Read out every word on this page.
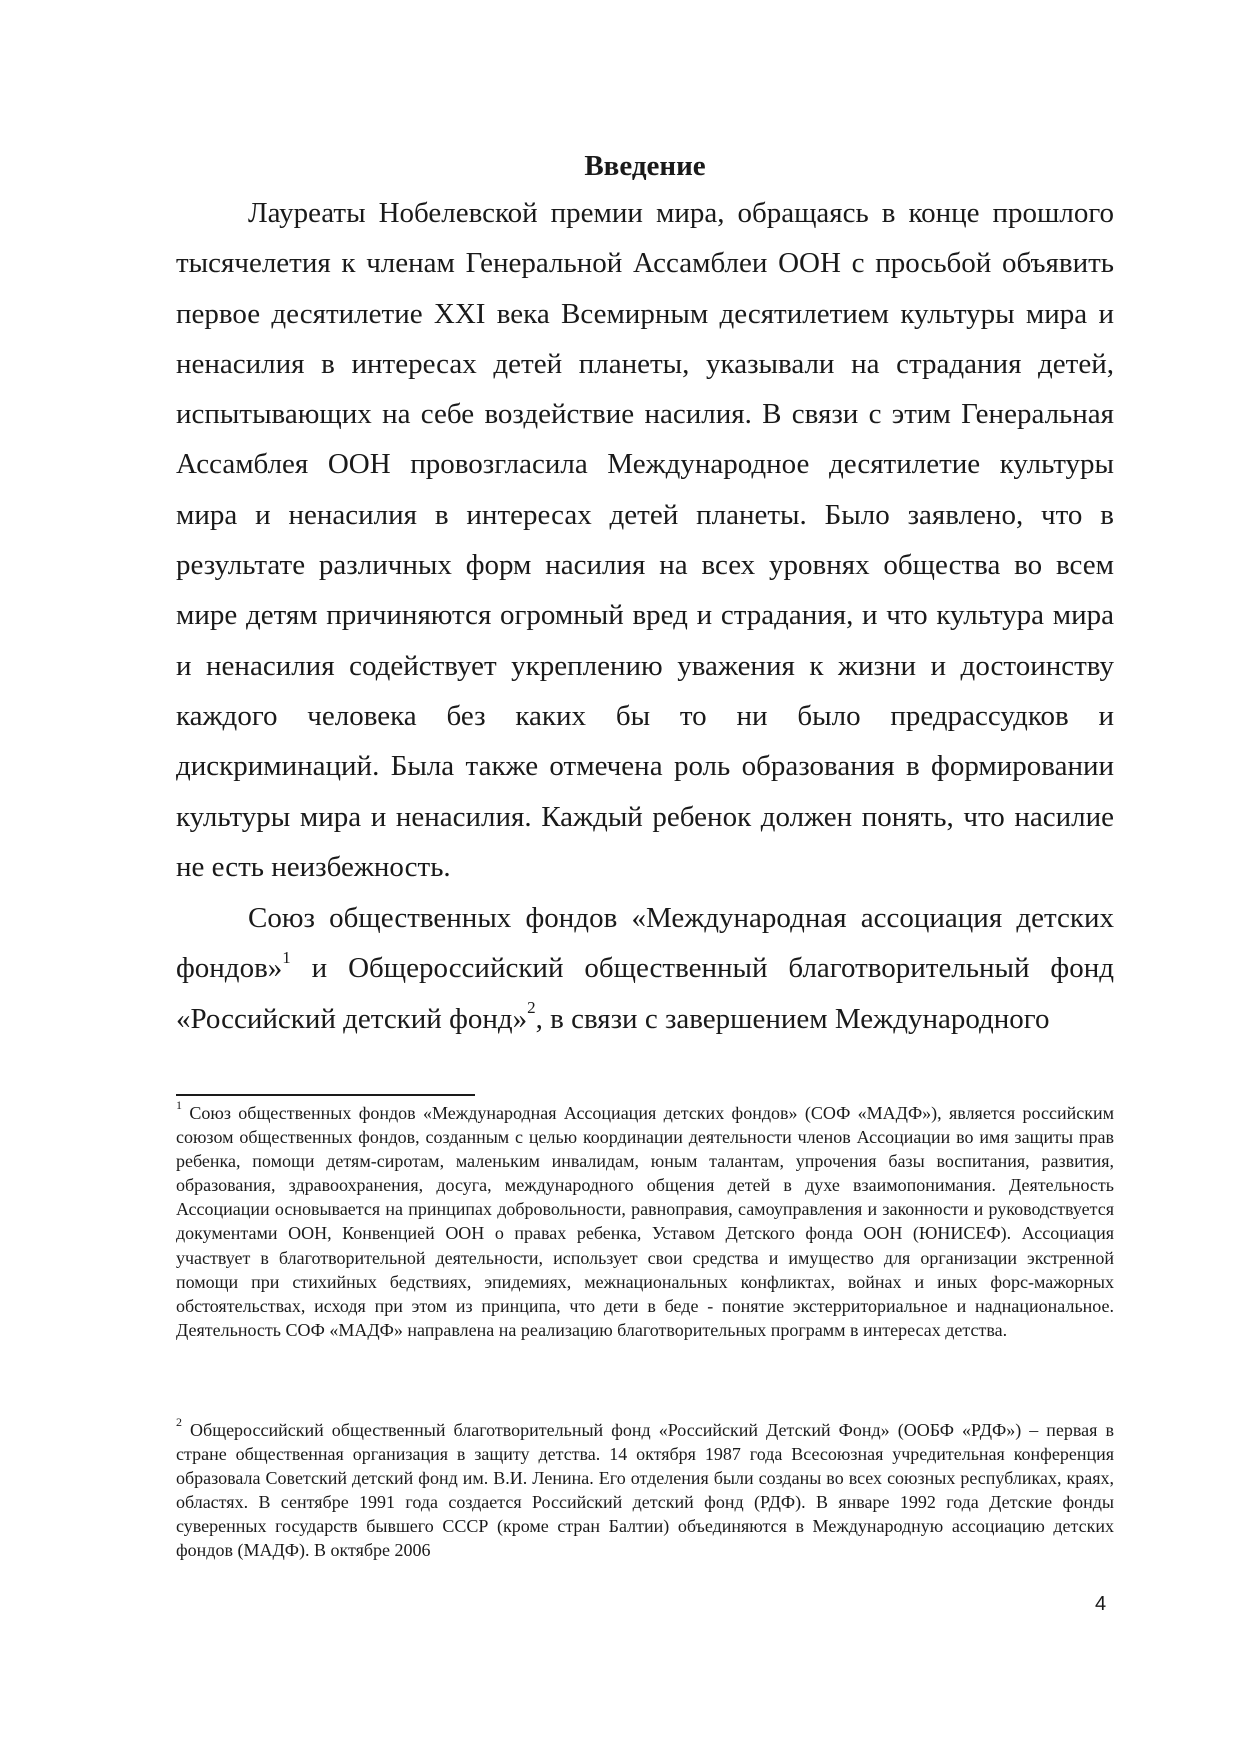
Введение

Лауреаты Нобелевской премии мира, обращаясь в конце прошлого тысячелетия к членам Генеральной Ассамблеи ООН с просьбой объявить первое десятилетие XXI века Всемирным десятилетием культуры мира и ненасилия в интересах детей планеты, указывали на страдания детей, испытывающих на себе воздействие насилия. В связи с этим Генеральная Ассамблея ООН провозгласила Международное десятилетие культуры мира и ненасилия в интересах детей планеты. Было заявлено, что в результате различных форм насилия на всех уровнях общества во всем мире детям причиняются огромный вред и страдания, и что культура мира и ненасилия содействует укреплению уважения к жизни и достоинству каждого человека без каких бы то ни было предрассудков и дискриминаций. Была также отмечена роль образования в формировании культуры мира и ненасилия. Каждый ребенок должен понять, что насилие не есть неизбежность.

Союз общественных фондов «Международная ассоциация детских фондов»$^1$ и Общероссийский общественный благотворительный фонд «Российский детский фонд»$^2$, в связи с завершением Международного

$^1$ Союз общественных фондов «Международная Ассоциация детских фондов» (СОФ «МАДФ»), является российским союзом общественных фондов, созданным с целью координации деятельности членов Ассоциации во имя защиты прав ребенка, помощи детям-сиротам, маленьким инвалидам, юным талантам, упрочения базы воспитания, развития, образования, здравоохранения, досуга, международного общения детей в духе взаимопонимания. Деятельность Ассоциации основывается на принципах добровольности, равноправия, самоуправления и законности и руководствуется документами ООН, Конвенцией ООН о правах ребенка, Уставом Детского фонда ООН (ЮНИСЕФ). Ассоциация участвует в благотворительной деятельности, использует свои средства и имущество для организации экстренной помощи при стихийных бедствиях, эпидемиях, межнациональных конфликтах, войнах и иных форс-мажорных обстоятельствах, исходя при этом из принципа, что дети в беде - понятие экстерриториальное и наднациональное. Деятельность СОФ «МАДФ» направлена на реализацию благотворительных программ в интересах детства.

$^2$ Общероссийский общественный благотворительный фонд «Российский Детский Фонд» (ООБФ «РДФ») – первая в стране общественная организация в защиту детства. 14 октября 1987 года Всесоюзная учредительная конференция образовала Советский детский фонд им. В.И. Ленина. Его отделения были созданы во всех союзных республиках, краях, областях. В сентябре 1991 года создается Российский детский фонд (РДФ). В январе 1992 года Детские фонды суверенных государств бывшего СССР (кроме стран Балтии) объединяются в Международную ассоциацию детских фондов (МАДФ). В октябре 2006

4
